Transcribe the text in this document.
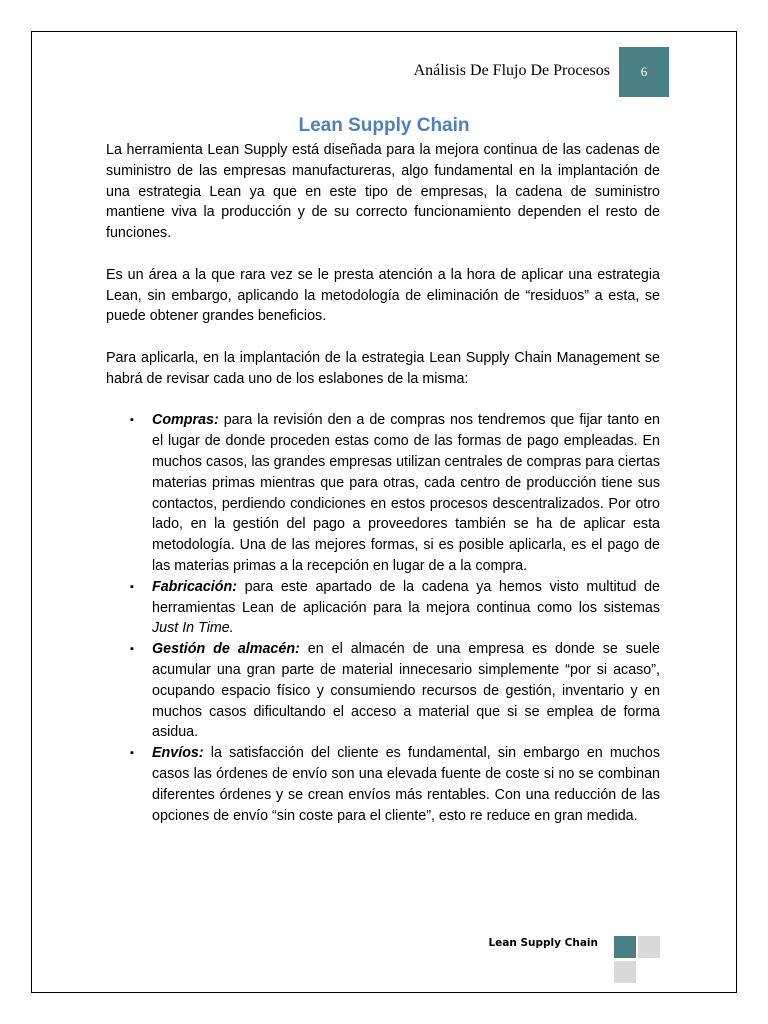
Análisis De Flujo De Procesos 6
Lean Supply Chain

La herramienta Lean Supply está diseñada para la mejora continua de las cadenas de suministro de las empresas manufactureras, algo fundamental en la implantación de una estrategia Lean ya que en este tipo de empresas, la cadena de suministro mantiene viva la producción y de su correcto funcionamiento dependen el resto de funciones.

Es un área a la que rara vez se le presta atención a la hora de aplicar una estrategia Lean, sin embargo, aplicando la metodología de eliminación de “residuos” a esta, se puede obtener grandes beneficios.

Para aplicarla, en la implantación de la estrategia Lean Supply Chain Management se habrá de revisar cada uno de los eslabones de la misma:

▪ Compras: para la revisión den a de compras nos tendremos que fijar tanto en el lugar de donde proceden estas como de las formas de pago empleadas. En muchos casos, las grandes empresas utilizan centrales de compras para ciertas materias primas mientras que para otras, cada centro de producción tiene sus contactos, perdiendo condiciones en estos procesos descentralizados. Por otro lado, en la gestión del pago a proveedores también se ha de aplicar esta metodología. Una de las mejores formas, si es posible aplicarla, es el pago de las materias primas a la recepción en lugar de a la compra.
▪ Fabricación: para este apartado de la cadena ya hemos visto multitud de herramientas Lean de aplicación para la mejora continua como los sistemas Just In Time.
▪ Gestión de almacén: en el almacén de una empresa es donde se suele acumular una gran parte de material innecesario simplemente “por si acaso”, ocupando espacio físico y consumiendo recursos de gestión, inventario y en muchos casos dificultando el acceso a material que si se emplea de forma asidua.
▪ Envíos: la satisfacción del cliente es fundamental, sin embargo en muchos casos las órdenes de envío son una elevada fuente de coste si no se combinan diferentes órdenes y se crean envíos más rentables. Con una reducción de las opciones de envío “sin coste para el cliente”, esto re reduce en gran medida.
Lean Supply Chain
